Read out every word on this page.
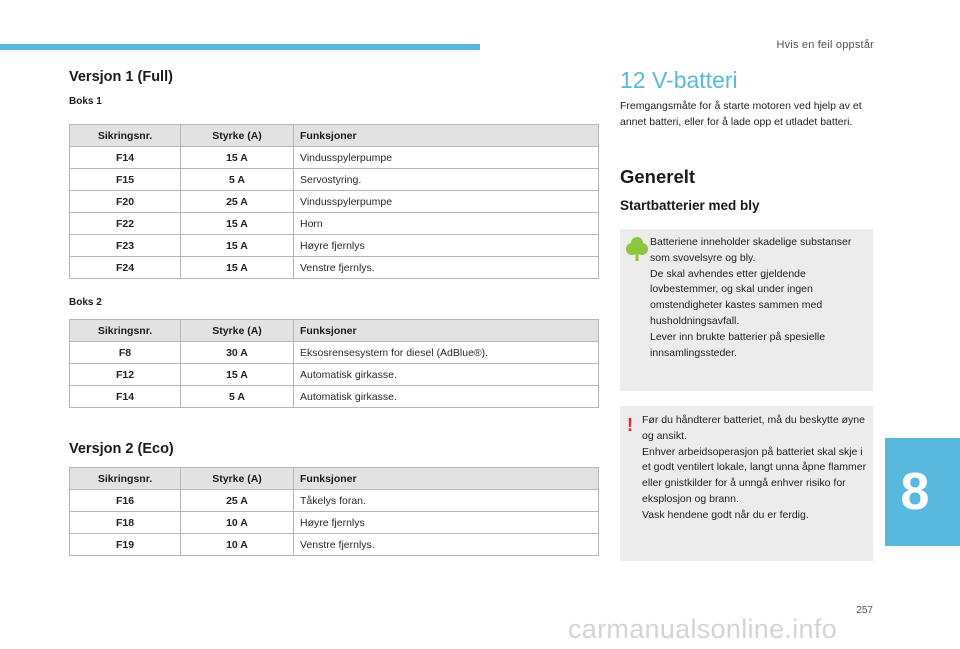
Hvis en feil oppstår
Versjon 1 (Full)
Boks 1
Sikringsnr.	Styrke (A)	Funksjoner
F14	15 A	Vindusspylerpumpe
F15	5 A	Servostyring.
F20	25 A	Vindusspylerpumpe
F22	15 A	Horn
F23	15 A	Høyre fjernlys
F24	15 A	Venstre fjernlys.
Boks 2
Sikringsnr.	Styrke (A)	Funksjoner
F8	30 A	Eksosrensesystem for diesel (AdBlue®).
F12	15 A	Automatisk girkasse.
F14	5 A	Automatisk girkasse.
Versjon 2 (Eco)
Sikringsnr.	Styrke (A)	Funksjoner
F16	25 A	Tåkelys foran.
F18	10 A	Høyre fjernlys
F19	10 A	Venstre fjernlys.
12 V-batteri
Fremgangsmåte for å starte motoren ved hjelp av et annet batteri, eller for å lade opp et utladet batteri.
Generelt
Startbatterier med bly

Batteriene inneholder skadelige substanser som svovelsyre og bly.

De skal avhendes etter gjeldende lovbestemmer, og skal under ingen omstendigheter kastes sammen med husholdningsavfall.

Lever inn brukte batterier på spesielle innsamlingssteder.

! Før du håndterer batteriet, må du beskytte øyne og ansikt.

Enhver arbeidsoperasjon på batteriet skal skje i et godt ventilert lokale, langt unna åpne flammer eller gnistkilder for å unngå enhver risiko for eksplosjon og brann.

Vask hendene godt når du er ferdig.	8
257
carmanualsonline.info
